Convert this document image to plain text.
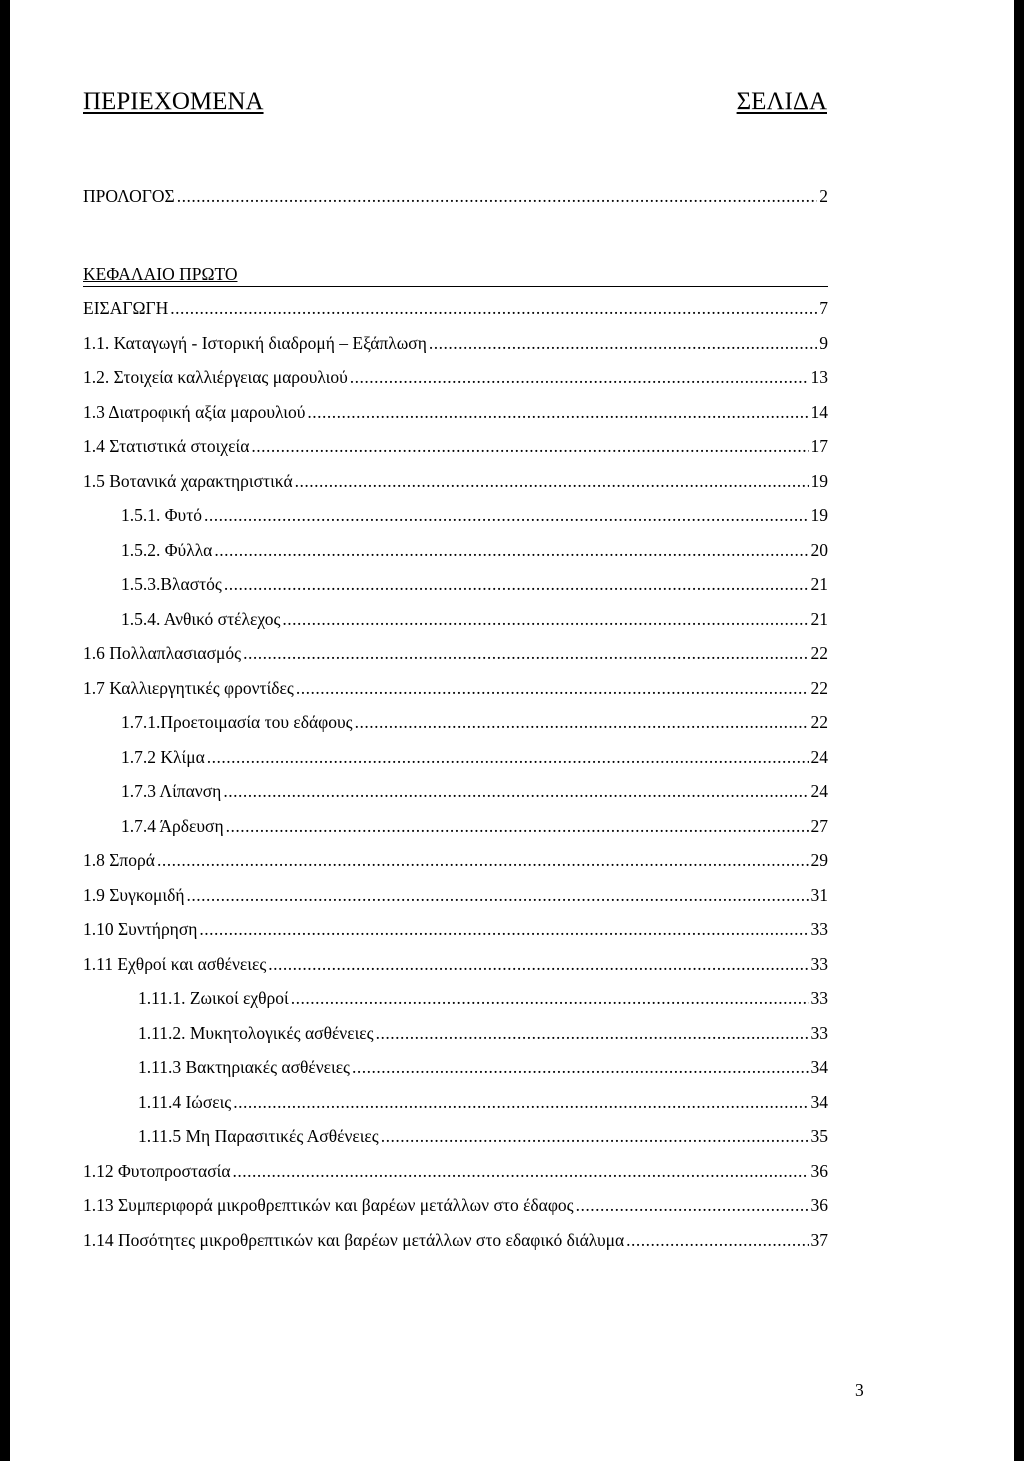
ΠΕΡΙΕΧΟΜΕΝΑ	ΣΕΛΙΔΑ
ΠΡΟΛΟΓΟΣ .....	2
ΚΕΦΑΛΑΙΟ ΠΡΩΤΟ
ΕΙΣΑΓΩΓΗ .....	7
1.1. Καταγωγή - Ιστορική διαδρομή – Εξάπλωση .....	9
1.2. Στοιχεία καλλιέργειας μαρουλιού .....	13
1.3 Διατροφική αξία μαρουλιού .....	14
1.4 Στατιστικά στοιχεία .....	17
1.5 Βοτανικά χαρακτηριστικά .....	19
1.5.1. Φυτό .....	19
1.5.2. Φύλλα .....	20
1.5.3.Βλαστός .....	21
1.5.4. Ανθικό στέλεχος .....	21
1.6 Πολλαπλασιασμός .....	22
1.7 Καλλιεργητικές φροντίδες .....	22
1.7.1.Προετοιμασία του εδάφους .....	22
1.7.2 Κλίμα .....	24
1.7.3 Λίπανση .....	24
1.7.4 Άρδευση .....	27
1.8 Σπορά .....	29
1.9 Συγκομιδή .....	31
1.10 Συντήρηση .....	33
1.11 Εχθροί και ασθένειες .....	33
1.11.1. Ζωικοί εχθροί .....	33
1.11.2. Μυκητολογικές ασθένειες .....	33
1.11.3 Βακτηριακές ασθένειες .....	34
1.11.4 Ιώσεις .....	34
1.11.5 Μη Παρασιτικές Ασθένειες .....	35
1.12 Φυτοπροστασία .....	36
1.13 Συμπεριφορά μικροθρεπτικών και βαρέων μετάλλων στο έδαφος .....	36
1.14 Ποσότητες μικροθρεπτικών και βαρέων μετάλλων στο εδαφικό διάλυμα .....	37
3
